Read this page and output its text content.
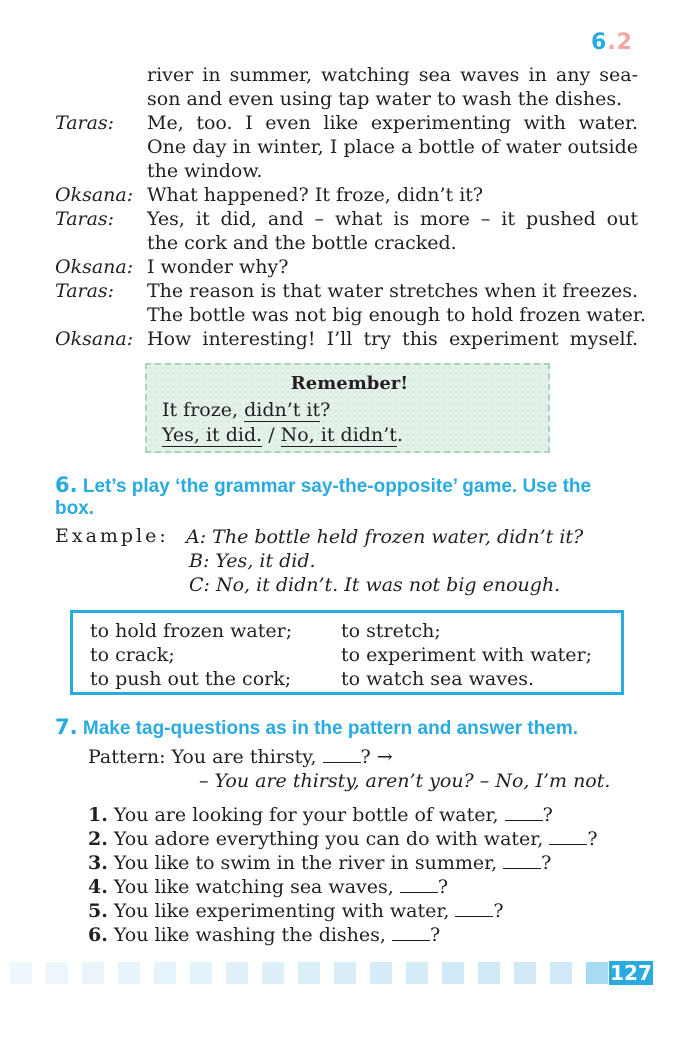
6.2
river in summer, watching sea waves in any sea-
son and even using tap water to wash the dishes.
Taras: Me, too. I even like experimenting with water.
One day in winter, I place a bottle of water outside
the window.
Oksana: What happened? It froze, didn’t it?
Taras: Yes, it did, and – what is more – it pushed out
the cork and the bottle cracked.
Oksana: I wonder why?
Taras: The reason is that water stretches when it freezes.
The bottle was not big enough to hold frozen water.
Oksana: How interesting! I’ll try this experiment myself.
Remember!
It froze, didn’t it?
Yes, it did. / No, it didn’t.
6. Let’s play ‘the grammar say-the-opposite’ game. Use the
box.
Example: A: The bottle held frozen water, didn’t it?
B: Yes, it did.
C: No, it didn’t. It was not big enough.
to hold frozen water;
to crack;
to push out the cork;
to stretch;
to experiment with water;
to watch sea waves.
7. Make tag-questions as in the pattern and answer them.
Pattern: You are thirsty, ? →
– You are thirsty, aren’t you? – No, I’m not.
1. You are looking for your bottle of water, ?
2. You adore everything you can do with water, ?
3. You like to swim in the river in summer, ?
4. You like watching sea waves, ?
5. You like experimenting with water, ?
6. You like washing the dishes, ?
127
